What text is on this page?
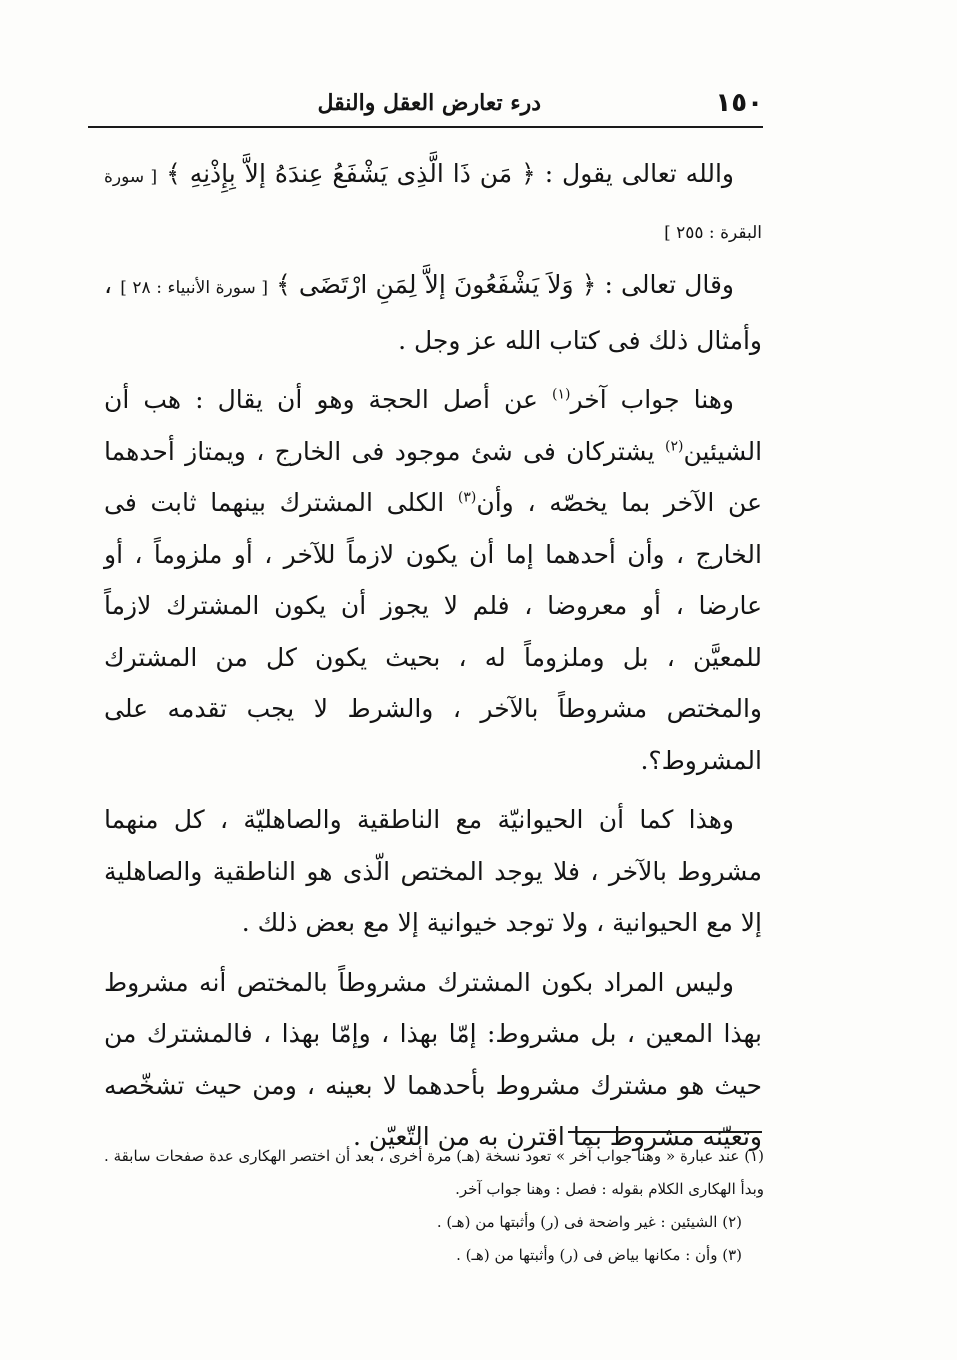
١٥٠
درء تعارض العقل والنقل

والله تعالى يقول : ﴿ مَن ذَا الَّذِى يَشْفَعُ عِندَهُ إلاَّ بِإِذْنِهِ ﴾ [ سورة البقرة : ٢٥٥ ]

وقال تعالى : ﴿ وَلاَ يَشْفَعُونَ إلاَّ لِمَنِ ارْتَضَى ﴾ [ سورة الأنبياء : ٢٨ ] ، وأمثال ذلك فى كتاب الله عز وجل .

وهنا جواب آخر$^{(١)}$ عن أصل الحجة وهو أن يقال : هب أن الشيئين$^{(٢)}$ يشتركان فى شئ موجود فى الخارج ، ويمتاز أحدهما عن الآخر بما يخصّه ، وأن$^{(٣)}$ الكلى المشترك بينهما ثابت فى الخارج ، وأن أحدهما إما أن يكون لازماً للآخر ، أو ملزوماً ، أو عارضا ، أو معروضا ، فلم لا يجوز أن يكون المشترك لازماً للمعيَّن ، بل وملزوماً له ، بحيث يكون كل من المشترك والمختص مشروطاً بالآخر ، والشرط لا يجب تقدمه على المشروط؟.

وهذا كما أن الحيوانيّة مع الناطقية والصاهليّة ، كل منهما مشروط بالآخر ، فلا يوجد المختص الّذى هو الناطقية والصاهلية إلا مع الحيوانية ، ولا توجد خيوانية إلا مع بعض ذلك .

وليس المراد بكون المشترك مشروطاً بالمختص أنه مشروط بهذا المعين ، بل مشروط: إمّا بهذا ، وإمّا بهذا ، فالمشترك من حيث هو مشترك مشروط بأحدهما لا بعينه ، ومن حيث تشخّصه وتعيّنه مشروط بما اقترن به من التّعيّن .

(١) عند عبارة « وهنا جواب آخر » تعود نسخة (هـ) مرة أخرى ، بعد أن اختصر الهكارى عدة صفحات سابقة . وبدأ الهكارى الكلام بقوله : فصل : وهنا جواب آخر.

(٢) الشيئين : غير واضحة فى (ر) وأثبتها من (هـ) .

(٣) وأن : مكانها بياض فى (ر) وأثبتها من (هـ) .
